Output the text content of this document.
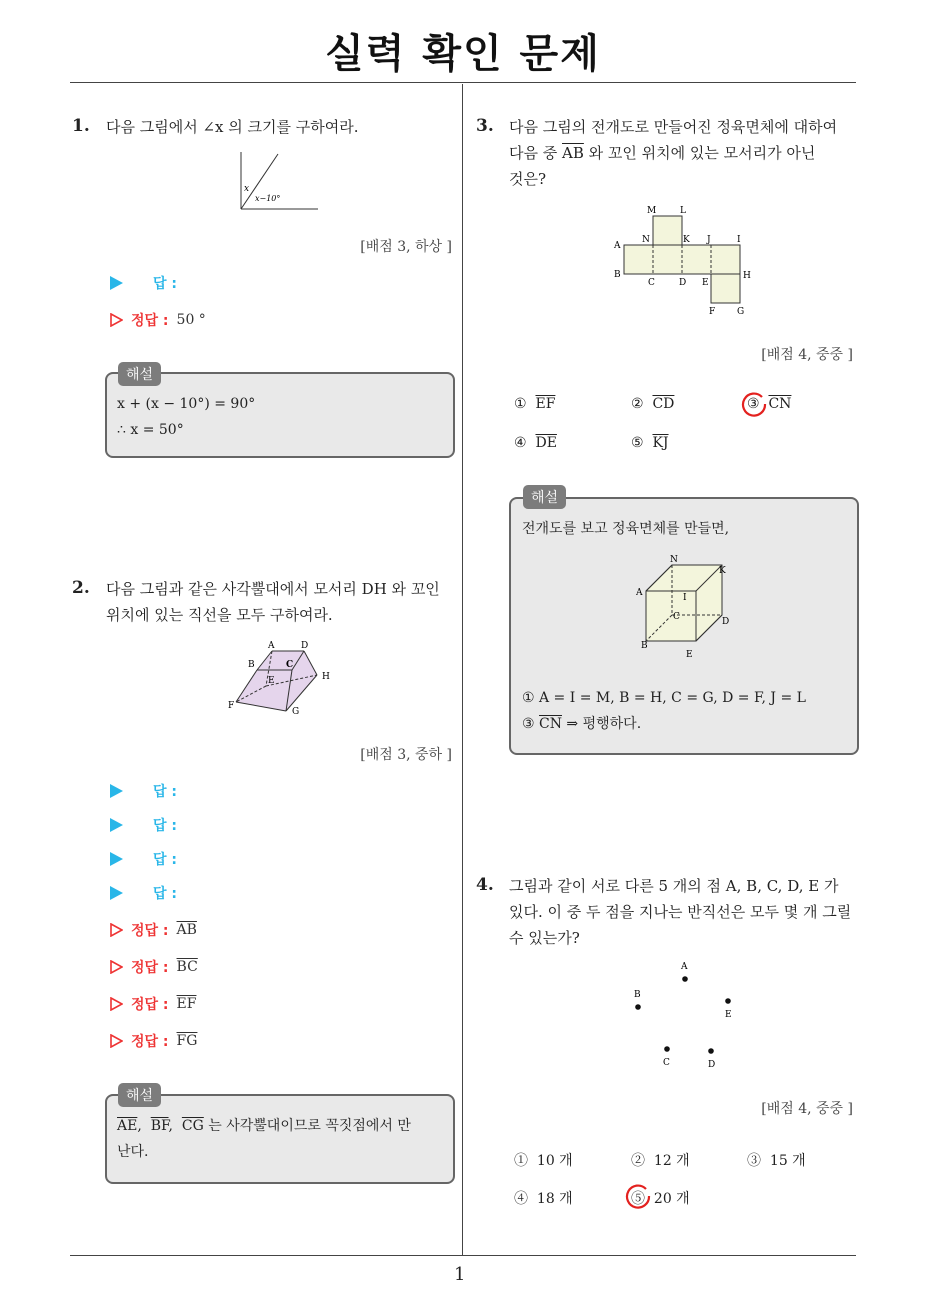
실력 확인 문제
1
1. 다음 그림에서 ∠x 의 크기를 구하여라.
x
x−10°
[배점 3, 하상 ]
답 :
정답 : 50 °
해설
x + (x − 10°) = 90°
∴ x = 50°
2. 다음 그림과 같은 사각뿔대에서 모서리 DH 와 꼬인
위치에 있는 직선을 모두 구하여라.
A	D
B	C
E	H
F
G
[배점 3, 중하 ]
답 :
답 :
답 :
답 :
정답 : $\overline{AB}$
정답 : $\overline{BC}$
정답 : $\overline{EF}$
정답 : $\overline{FG}$
해설
$\overline{AE}$,  $\overline{BF}$,  $\overline{CG}$ 는 사각뿔대이므로 꼭짓점에서 만
난다.
3. 다음 그림의 전개도로 만들어진 정육면체에 대하여
다음 중 $\overline{AB}$ 와 꼬인 위치에 있는 모서리가 아닌
것은?
M	L
A
N	K J	I
B
C	D E
H
F G
[배점 4, 중중 ]
① $\overline{EF}$	② $\overline{CD}$	③ $\overline{CN}$
④ $\overline{DE}$	⑤ $\overline{KJ}$
해설
전개도를 보고 정육면체를 만들면,
N
K
A	I
C	D
B
E
① A = I = M, B = H, C = G, D = F, J = L
③ $\overline{CN}$ ⇒ 평행하다.
4. 그림과 같이 서로 다른 5 개의 점 A, B, C, D, E 가
있다. 이 중 두 점을 지나는 반직선은 모두 몇 개 그릴
수 있는가?
A
B
E
C	D
[배점 4, 중중 ]
① 10 개	② 12 개	③ 15 개
④ 18 개	⑤ 20 개
